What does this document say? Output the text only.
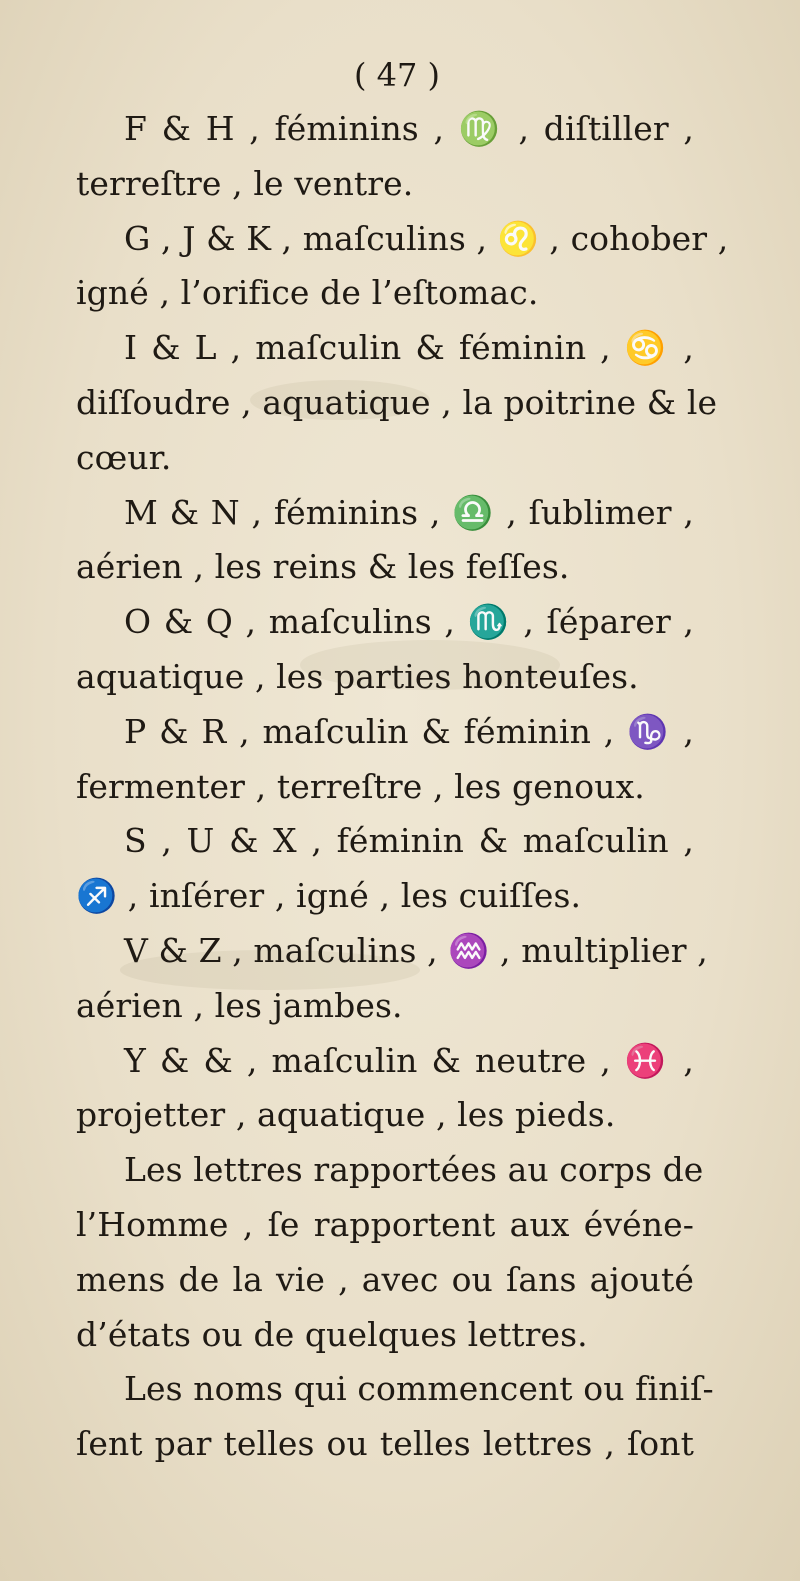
( 47 )

F & H , féminins , ♍ , diſtiller ,

terreſtre , le ventre.

G , J & K , maſculins , ♌ , cohober ,

igné , l’orifice de l’eſtomac.

I & L , maſculin & féminin , ♋ ,

diſſoudre , aquatique , la poitrine & le

cœur.

M & N , féminins , ♎ , ſublimer ,

aérien , les reins & les feſſes.

O & Q , maſculins , ♏ , ſéparer ,

aquatique , les parties honteuſes.

P & R , maſculin & féminin , ♑ ,

fermenter , terreſtre , les genoux.

S , U & X , féminin & maſculin ,

♐ , inſérer , igné , les cuiſſes.

V & Z , maſculins , ♒ , multiplier ,

aérien , les jambes.

Y & & , maſculin & neutre , ♓ ,

projetter , aquatique , les pieds.

Les lettres rapportées au corps de

l’Homme , ſe rapportent aux événe-

mens de la vie , avec ou ſans ajouté

d’états ou de quelques lettres.

Les noms qui commencent ou finiſ-

ſent par telles ou telles lettres , ſont
